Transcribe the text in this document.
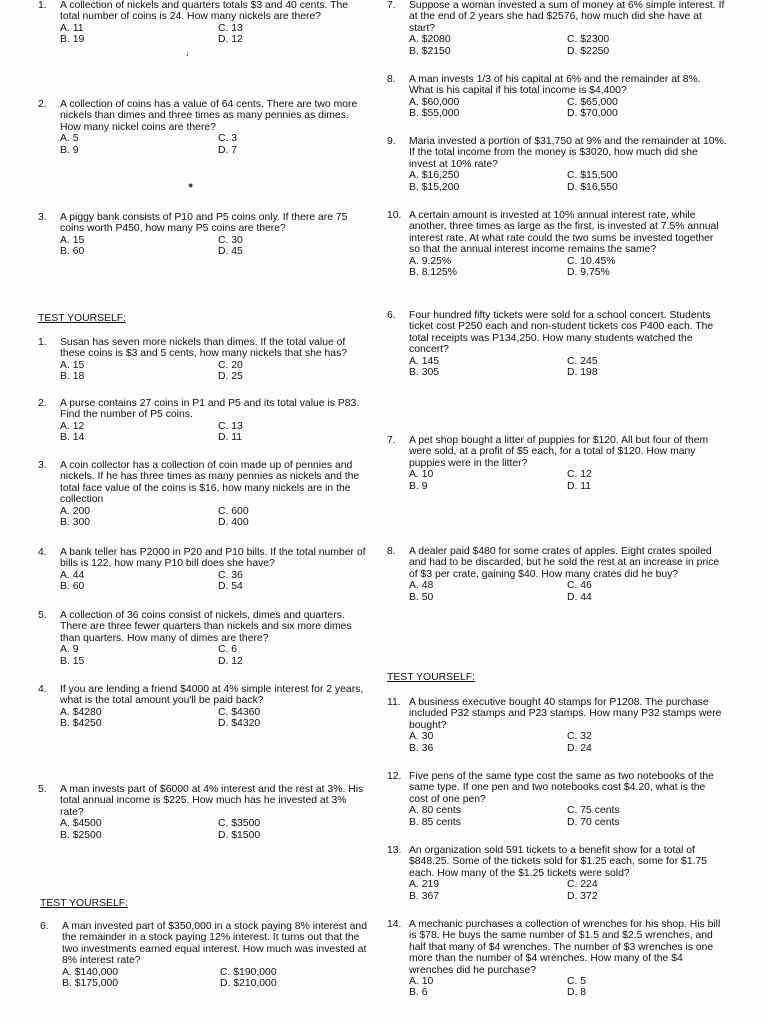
1.	A collection of nickels and quarters totals $3 and 40 cents. The total number of coins is 24. How many nickels are there?
A. 11	C. 13
B. 19	D. 12
2.	A collection of coins has a value of 64 cents. There are two more nickels than dimes and three times as many pennies as dimes. How many nickel coins are there?
A. 5	C. 3
B. 9	D. 7
3.	A piggy bank consists of P10 and P5 coins only. If there are 75 coins worth P450, how many P5 coins are there?
A. 15	C. 30
B. 60	D. 45
TEST YOURSELF:
1.	Susan has seven more nickels than dimes. If the total value of these coins is $3 and 5 cents, how many nickels that she has?
A. 15	C. 20
B. 18	D. 25
2.	A purse contains 27 coins in P1 and P5 and its total value is P83. Find the number of P5 coins.
A. 12	C. 13
B. 14	D. 11
3.	A coin collector has a collection of coin made up of pennies and nickels. If he has three times as many pennies as nickels and the total face value of the coins is $16, how many nickels are in the collection
A. 200	C. 600
B. 300	D. 400
4.	A bank teller has P2000 in P20 and P10 bills. If the total number of bills is 122, how many P10 bill does she have?
A. 44	C. 36
B. 60	D. 54
5.	A collection of 36 coins consist of nickels, dimes and quarters. There are three fewer quarters than nickels and six more dimes than quarters. How many of dimes are there?
A. 9	C. 6
B. 15	D. 12
4.	If you are lending a friend $4000 at 4% simple interest for 2 years, what is the total amount you'll be paid back?
A. $4280	C. $4360
B. $4250	D. $4320
5.	A man invests part of $6000 at 4% interest and the rest at 3%. His total annual income is $225. How much has he invested at 3% rate?
A. $4500	C. $3500
B. $2500	D. $1500
TEST YOURSELF:
6.	A man invested part of $350,000 in a stock paying 8% interest and the remainder in a stock paying 12% interest. It turns out that the two investments earned equal interest. How much was invested at 8% interest rate?
A. $140,000	C. $190,000
B. $175,000	D. $210,000
7.	Suppose a woman invested a sum of money at 6% simple interest. If at the end of 2 years she had $2576, how much did she have at start?
A. $2080	C. $2300
B. $2150	D. $2250
8.	A man invests 1/3 of his capital at 6% and the remainder at 8%. What is his capital if his total income is $4,400?
A. $60,000	C. $65,000
B. $55,000	D. $70,000
9.	Maria invested a portion of $31,750 at 9% and the remainder at 10%. If the total income from the money is $3020, how much did she invest at 10% rate?
A. $16,250	C. $15,500
B. $15,200	D. $16,550
10. A certain amount is invested at 10% annual interest rate, while another, three times as large as the first, is invested at 7.5% annual interest rate. At what rate could the two sums be invested together so that the annual interest income remains the same?
A. 9.25%	C. 10.45%
B. 8.125%	D. 9.75%
6.	Four hundred fifty tickets were sold for a school concert. Students ticket cost P250 each and non-student tickets cos P400 each. The total receipts was P134,250. How many students watched the concert?
A. 145	C. 245
B. 305	D. 198
7.	A pet shop bought a litter of puppies for $120. All but four of them were sold, at a profit of $5 each, for a total of $120. How many puppies were in the litter?
A. 10	C. 12
B. 9	D. 11
8.	A dealer paid $480 for some crates of apples. Eight crates spoiled and had to be discarded, but he sold the rest at an increase in price of $3 per crate, gaining $40. How many crates did he buy?
A. 48	C. 46
B. 50	D. 44
TEST YOURSELF:
11. A business executive bought 40 stamps for P1208. The purchase included P32 stamps and P23 stamps. How many P32 stamps were bought?
A. 30	C. 32
B. 36	D. 24
12. Five pens of the same type cost the same as two notebooks of the same type. If one pen and two notebooks cost $4.20, what is the cost of one pen?
A. 80 cents	C. 75 cents
B. 85 cents	D. 70 cents
13. An organization sold 591 tickets to a benefit show for a total of $848.25. Some of the tickets sold for $1.25 each, some for $1.75 each. How many of the $1.25 tickets were sold?
A. 219	C. 224
B. 367	D. 372
14. A mechanic purchases a collection of wrenches for his shop. His bill is $78. He buys the same number of $1.5 and $2.5 wrenches, and half that many of $4 wrenches. The number of $3 wrenches is one more than the number of $4 wrenches. How many of the $4 wrenches did he purchase?
A. 10	C. 5
B. 6	D. 8
↓
●
